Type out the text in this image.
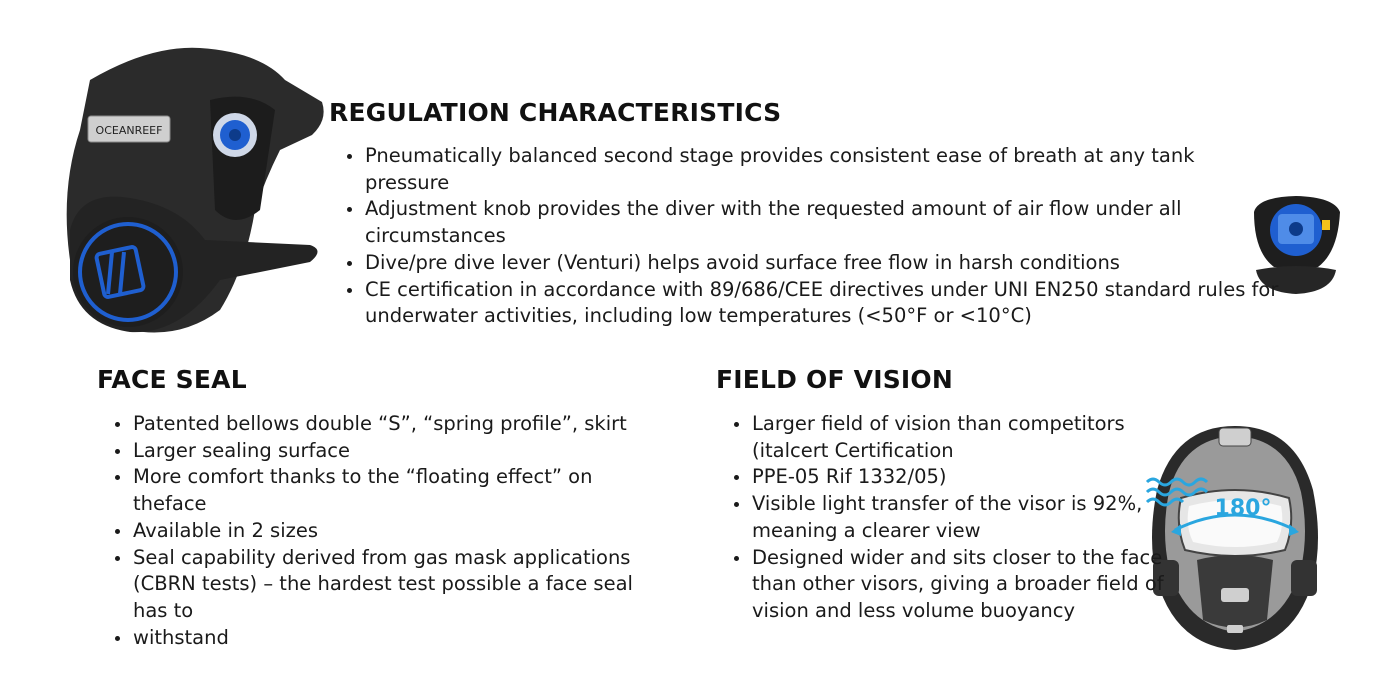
OCEANREEF
180°
REGULATION CHARACTERISTICS
• Pneumatically balanced second stage provides consistent ease of breath at any tank pressure
• Adjustment knob provides the diver with the requested amount of air flow under all circumstances
• Dive/pre dive lever (Venturi) helps avoid surface free flow in harsh conditions
• CE certification in accordance with 89/686/CEE directives under UNI EN250 standard rules for underwater activities, including low temperatures (<50°F or <10°C)
FACE SEAL
• Patented bellows double “S”, “spring profile”, skirt
• Larger sealing surface
• More comfort thanks to the “floating effect” on theface
• Available in 2 sizes
• Seal capability derived from gas mask applications (CBRN tests) – the hardest test possible a face seal has to
• withstand
FIELD OF VISION
• Larger field of vision than competitors (italcert Certification
• PPE-05 Rif 1332/05)
• Visible light transfer of the visor is 92%, meaning a clearer view
• Designed wider and sits closer to the face than other visors, giving a broader field of vision and less volume buoyancy
